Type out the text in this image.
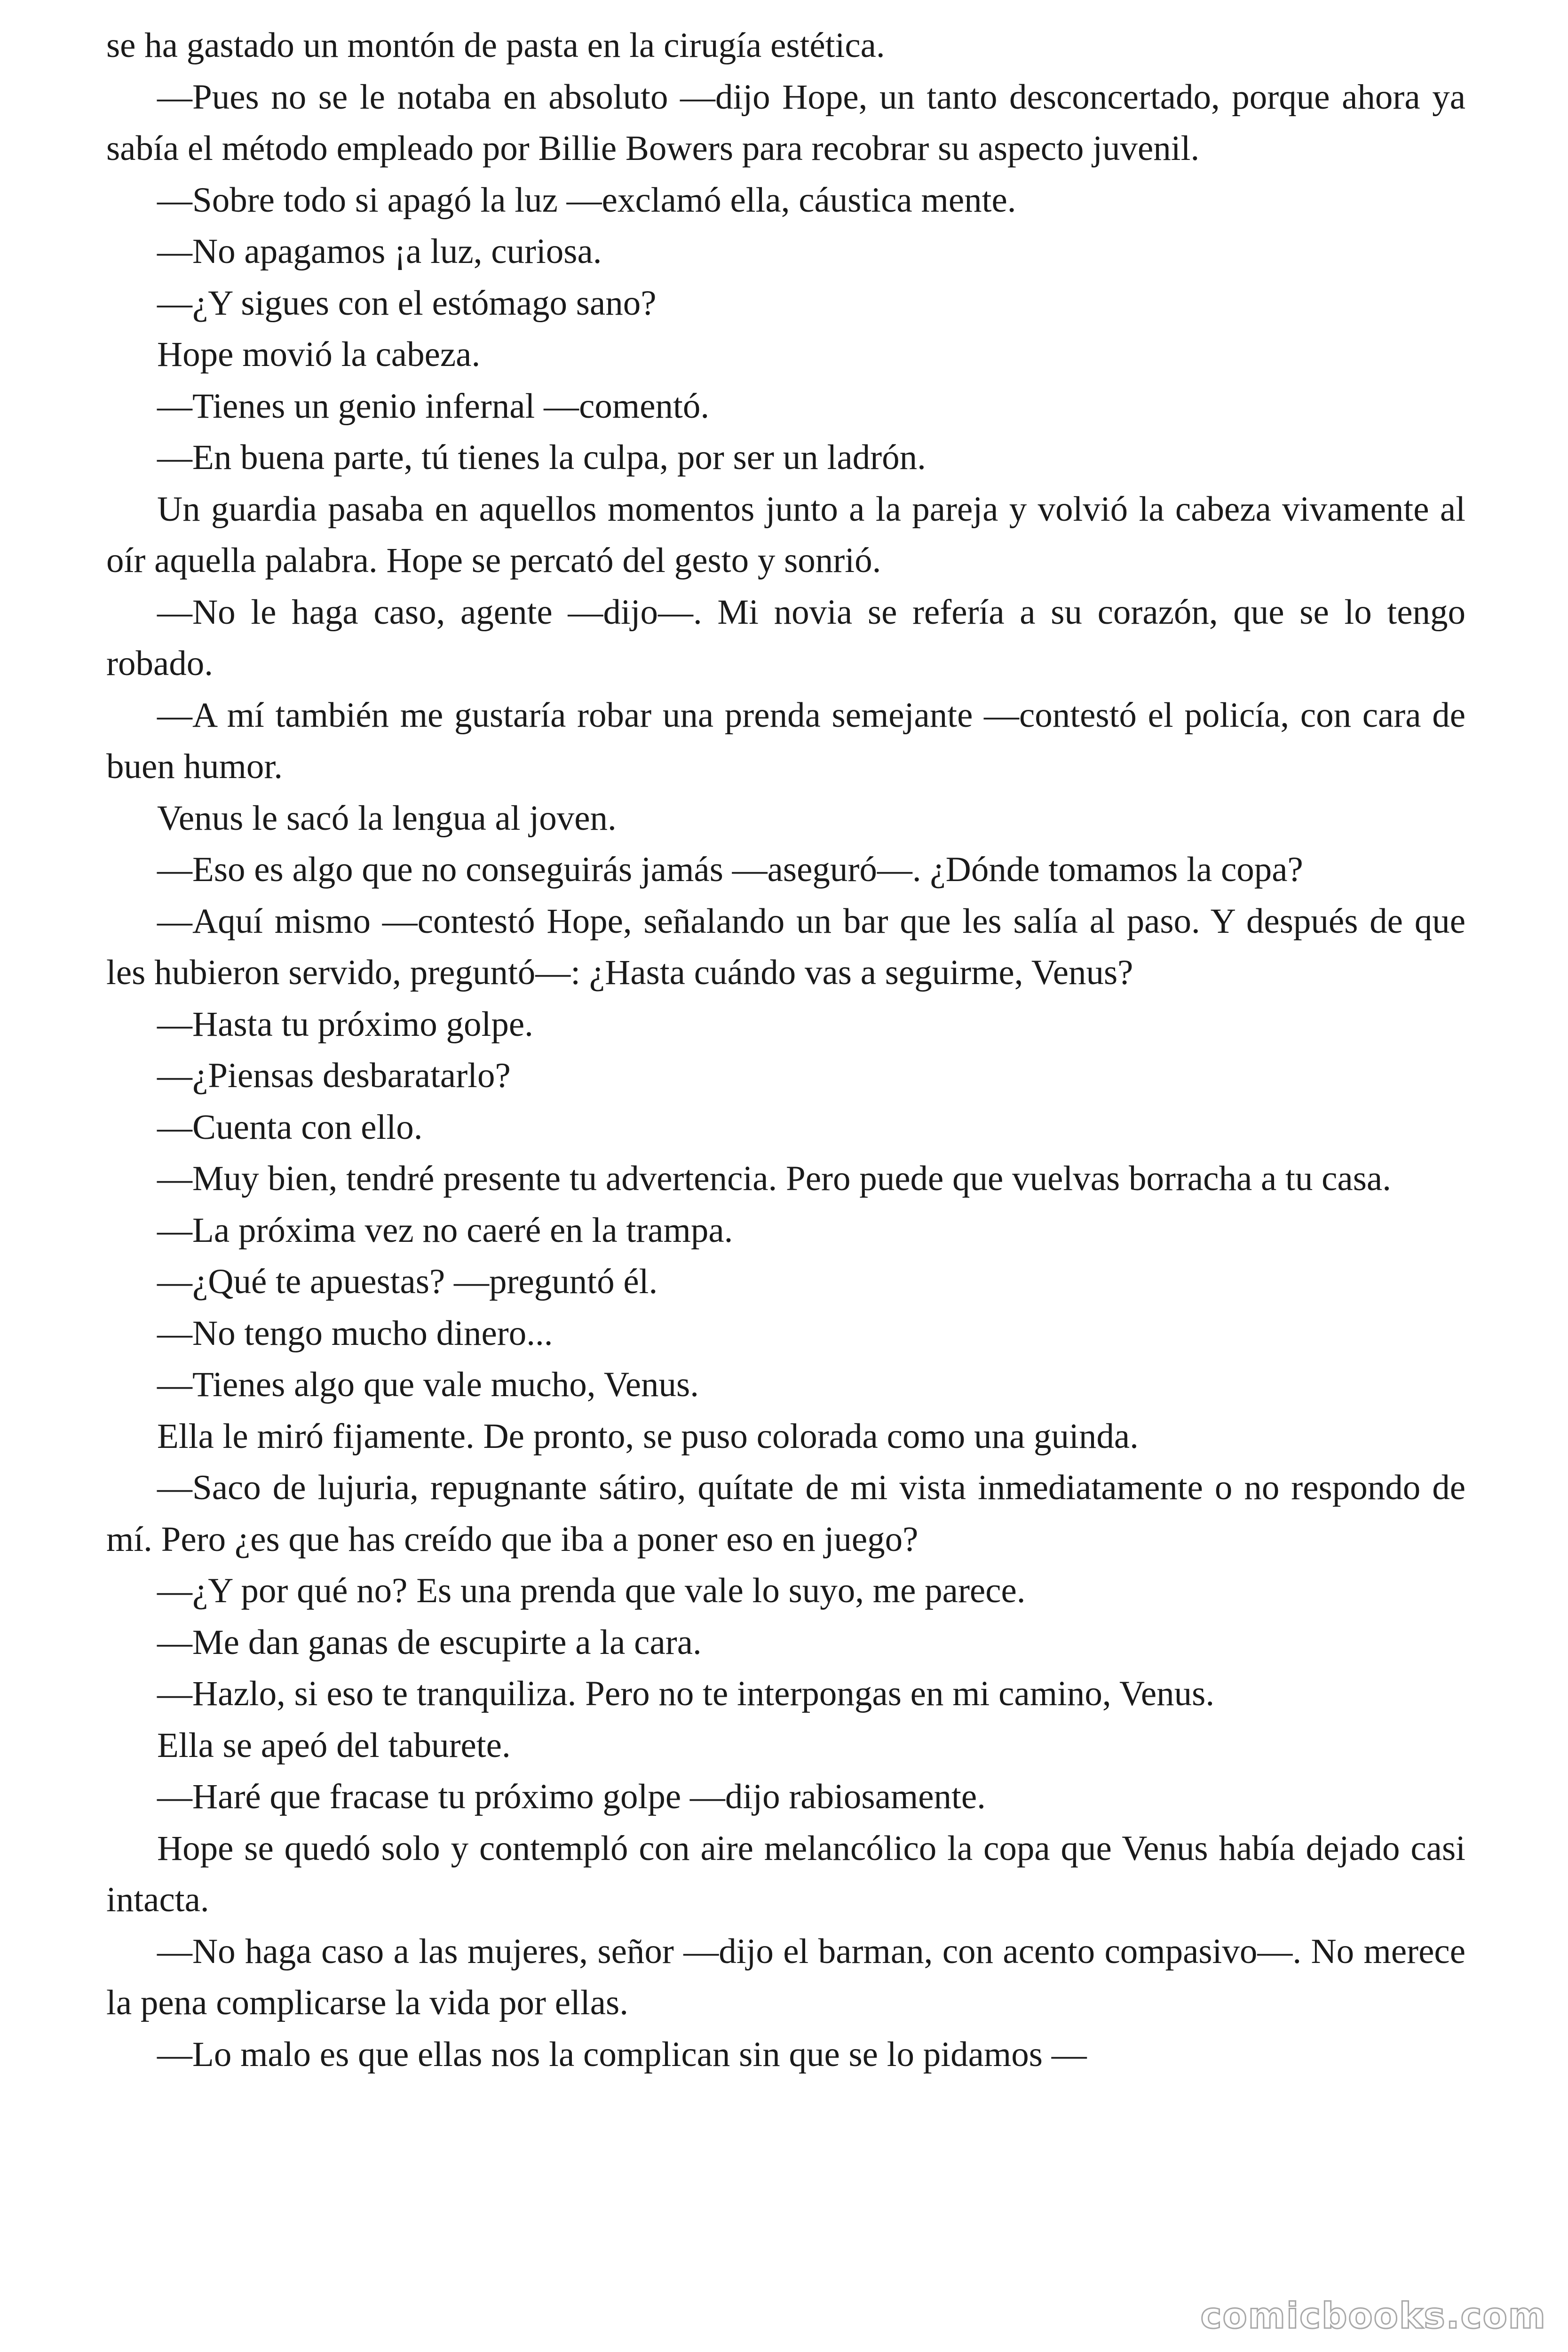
se ha gastado un montón de pasta en la cirugía estética.

—Pues no se le notaba en absoluto —dijo Hope, un tanto desconcertado, porque ahora ya sabía el método empleado por Billie Bowers para recobrar su aspecto juvenil.

—Sobre todo si apagó la luz —exclamó ella, cáustica mente.

—No apagamos ¡a luz, curiosa.

—¿Y sigues con el estómago sano?

Hope movió la cabeza.

—Tienes un genio infernal —comentó.

—En buena parte, tú tienes la culpa, por ser un ladrón.

Un guardia pasaba en aquellos momentos junto a la pareja y volvió la cabeza vivamente al oír aquella palabra. Hope se percató del gesto y sonrió.

—No le haga caso, agente —dijo—. Mi novia se refería a su corazón, que se lo tengo robado.

—A mí también me gustaría robar una prenda semejante —contestó el policía, con cara de buen humor.

Venus le sacó la lengua al joven.

—Eso es algo que no conseguirás jamás —aseguró—. ¿Dónde tomamos la copa?

—Aquí mismo —contestó Hope, señalando un bar que les salía al paso. Y después de que les hubieron servido, preguntó—: ¿Hasta cuándo vas a seguirme, Venus?

—Hasta tu próximo golpe.

—¿Piensas desbaratarlo?

—Cuenta con ello.

—Muy bien, tendré presente tu advertencia. Pero puede que vuelvas borracha a tu casa.

—La próxima vez no caeré en la trampa.

—¿Qué te apuestas? —preguntó él.

—No tengo mucho dinero...

—Tienes algo que vale mucho, Venus.

Ella le miró fijamente. De pronto, se puso colorada como una guinda.

—Saco de lujuria, repugnante sátiro, quítate de mi vista inmediatamente o no respondo de mí. Pero ¿es que has creído que iba a poner eso en juego?

—¿Y por qué no? Es una prenda que vale lo suyo, me parece.

—Me dan ganas de escupirte a la cara.

—Hazlo, si eso te tranquiliza. Pero no te interpongas en mi camino, Venus.

Ella se apeó del taburete.

—Haré que fracase tu próximo golpe —dijo rabiosamente.

Hope se quedó solo y contempló con aire melancólico la copa que Venus había dejado casi intacta.

—No haga caso a las mujeres, señor —dijo el barman, con acento compasivo—. No merece la pena complicarse la vida por ellas.

—Lo malo es que ellas nos la complican sin que se lo pidamos —

comicbooks.com
